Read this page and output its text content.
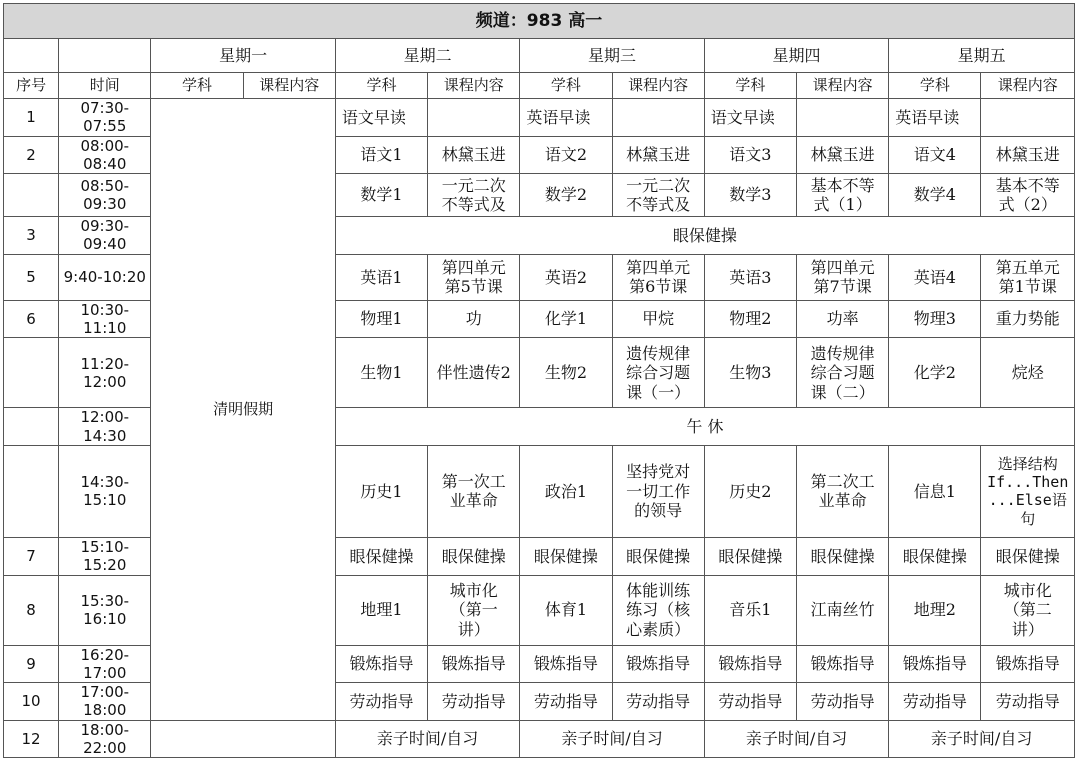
频道：983 高一											
		星期一		星期二		星期三		星期四		星期五	
序号	时间	学科	课程内容	学科	课程内容	学科	课程内容	学科	课程内容	学科	课程内容
1	07:30-07:55	清明假期		语文早读		英语早读		语文早读		英语早读	
2	08:00-08:40			语文1	林黛玉进	语文2	林黛玉进	语文3	林黛玉进	语文4	林黛玉进
	08:50-09:30			数学1	一元二次
不等式及	数学2	一元二次
不等式及	数学3	基本不等
式（1）	数学4	基本不等
式（2）
3	09:30-09:40			眼保健操							
5	9:40-10:20			英语1	第四单元
第5节课	英语2	第四单元
第6节课	英语3	第四单元
第7节课	英语4	第五单元
第1节课
6	10:30-11:10			物理1	功	化学1	甲烷	物理2	功率	物理3	重力势能
	11:20-12:00			生物1	伴性遗传2	生物2	遗传规律
综合习题
课（一）	生物3	遗传规律
综合习题
课（二）	化学2	烷烃
	12:00-14:30			午 休							
	14:30-15:10			历史1	第一次工
业革命	政治1	坚持党对
一切工作
的领导	历史2	第二次工
业革命	信息1	选择结构
If...Then
...Else语
句
7	15:10-15:20			眼保健操	眼保健操	眼保健操	眼保健操	眼保健操	眼保健操	眼保健操	眼保健操
8	15:30-16:10			地理1	城市化
（第一
讲）	体育1	体能训练
练习（核
心素质）	音乐1	江南丝竹	地理2	城市化
（第二
讲）
9	16:20-17:00			锻炼指导	锻炼指导	锻炼指导	锻炼指导	锻炼指导	锻炼指导	锻炼指导	锻炼指导
10	17:00-18:00			劳动指导	劳动指导	劳动指导	劳动指导	劳动指导	劳动指导	劳动指导	劳动指导
12	18:00-22:00			亲子时间/自习		亲子时间/自习		亲子时间/自习		亲子时间/自习	
